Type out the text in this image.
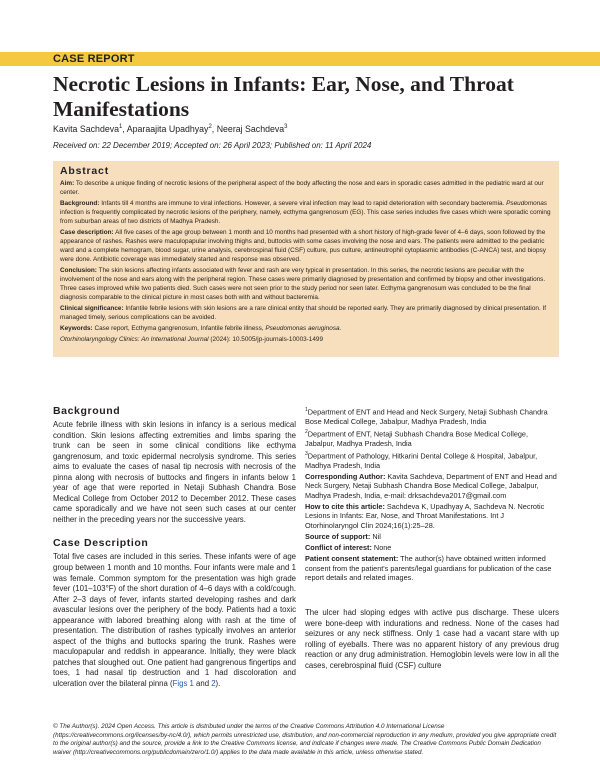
CASE REPORT
Necrotic Lesions in Infants: Ear, Nose, and Throat Manifestations
Kavita Sachdeva$^1$, Aparaajita Upadhyay$^2$, Neeraj Sachdeva$^3$
Received on: 22 December 2019; Accepted on: 26 April 2023; Published on: 11 April 2024
Abstract

Aim: To describe a unique finding of necrotic lesions of the peripheral aspect of the body affecting the nose and ears in sporadic cases admitted in the pediatric ward at our center.

Background: Infants till 4 months are immune to viral infections. However, a severe viral infection may lead to rapid deterioration with secondary bacteremia. Pseudomonas infection is frequently complicated by necrotic lesions of the periphery, namely, ecthyma gangrenosum (EG). This case series includes five cases which were sporadic coming from suburban areas of two districts of Madhya Pradesh.

Case description: All five cases of the age group between 1 month and 10 months had presented with a short history of high-grade fever of 4–6 days, soon followed by the appearance of rashes. Rashes were maculopapular involving thighs and, buttocks with some cases involving the nose and ears. The patients were admitted to the pediatric ward and a complete hemogram, blood sugar, urine analysis, cerebrospinal fluid (CSF) culture, pus culture, antineutrophil cytoplasmic antibodies (C-ANCA) test, and biopsy were done. Antibiotic coverage was immediately started and response was observed.

Conclusion: The skin lesions affecting infants associated with fever and rash are very typical in presentation. In this series, the necrotic lesions are peculiar with the involvement of the nose and ears along with the peripheral region. These cases were primarily diagnosed by presentation and confirmed by biopsy and other investigations. Three cases improved while two patients died. Such cases were not seen prior to the study period nor seen later. Ecthyma gangrenosum was concluded to be the final diagnosis comparable to the clinical picture in most cases both with and without bacteremia.

Clinical significance: Infantile febrile lesions with skin lesions are a rare clinical entity that should be reported early. They are primarily diagnosed by clinical presentation. If managed timely, serious complications can be avoided.

Keywords: Case report, Ecthyma gangrenosum, Infantile febrile illness, Pseudomonas aeruginosa.

Otorhinolaryngology Clinics: An International Journal (2024): 10.5005/jp-journals-10003-1499

Background

Acute febrile illness with skin lesions in infancy is a serious medical condition. Skin lesions affecting extremities and limbs sparing the trunk can be seen in some clinical conditions like ecthyma gangrenosum, and toxic epidermal necrolysis syndrome. This series aims to evaluate the cases of nasal tip necrosis with necrosis of the pinna along with necrosis of buttocks and fingers in infants below 1 year of age that were reported in Netaji Subhash Chandra Bose Medical College from October 2012 to December 2012. These cases came sporadically and we have not seen such cases at our center neither in the preceding years nor the successive years.

Case Description

Total five cases are included in this series. These infants were of age group between 1 month and 10 months. Four infants were male and 1 was female. Common symptom for the presentation was high grade fever (101–103°F) of the short duration of 4–6 days with a cold/cough. After 2–3 days of fever, infants started developing rashes and dark avascular lesions over the periphery of the body. Patients had a toxic appearance with labored breathing along with rash at the time of presentation. The distribution of rashes typically involves an anterior aspect of the thighs and buttocks sparing the trunk. Rashes were maculopapular and reddish in appearance. Initially, they were black patches that sloughed out. One patient had gangrenous fingertips and toes, 1 had nasal tip destruction and 1 had discoloration and ulceration over the bilateral pinna (Figs 1 and 2).

$^1$Department of ENT and Head and Neck Surgery, Netaji Subhash Chandra Bose Medical College, Jabalpur, Madhya Pradesh, India

$^2$Department of ENT, Netaji Subhash Chandra Bose Medical College, Jabalpur, Madhya Pradesh, India

$^3$Department of Pathology, Hitkarini Dental College & Hospital, Jabalpur, Madhya Pradesh, India

Corresponding Author: Kavita Sachdeva, Department of ENT and Head and Neck Surgery, Netaji Subhash Chandra Bose Medical College, Jabalpur, Madhya Pradesh, India, e-mail: drksachdeva2017@gmail.com

How to cite this article: Sachdeva K, Upadhyay A, Sachdeva N. Necrotic Lesions in Infants: Ear, Nose, and Throat Manifestations. Int J Otorhinolaryngol Clin 2024;16(1):25–28.

Source of support: Nil

Conflict of interest: None

Patient consent statement: The author(s) have obtained written informed consent from the patient's parents/legal guardians for publication of the case report details and related images.

The ulcer had sloping edges with active pus discharge. These ulcers were bone-deep with indurations and redness. None of the cases had seizures or any neck stiffness. Only 1 case had a vacant stare with up rolling of eyeballs. There was no apparent history of any previous drug reaction or any drug administration. Hemoglobin levels were low in all the cases, cerebrospinal fluid (CSF) culture

© The Author(s). 2024 Open Access. This article is distributed under the terms of the Creative Commons Attribution 4.0 International License (https://creativecommons.org/licenses/by-nc/4.0/), which permits unrestricted use, distribution, and non-commercial reproduction in any medium, provided you give appropriate credit to the original author(s) and the source, provide a link to the Creative Commons license, and indicate if changes were made. The Creative Commons Public Domain Dedication waiver (http://creativecommons.org/publicdomain/zero/1.0/) applies to the data made available in this article, unless otherwise stated.
